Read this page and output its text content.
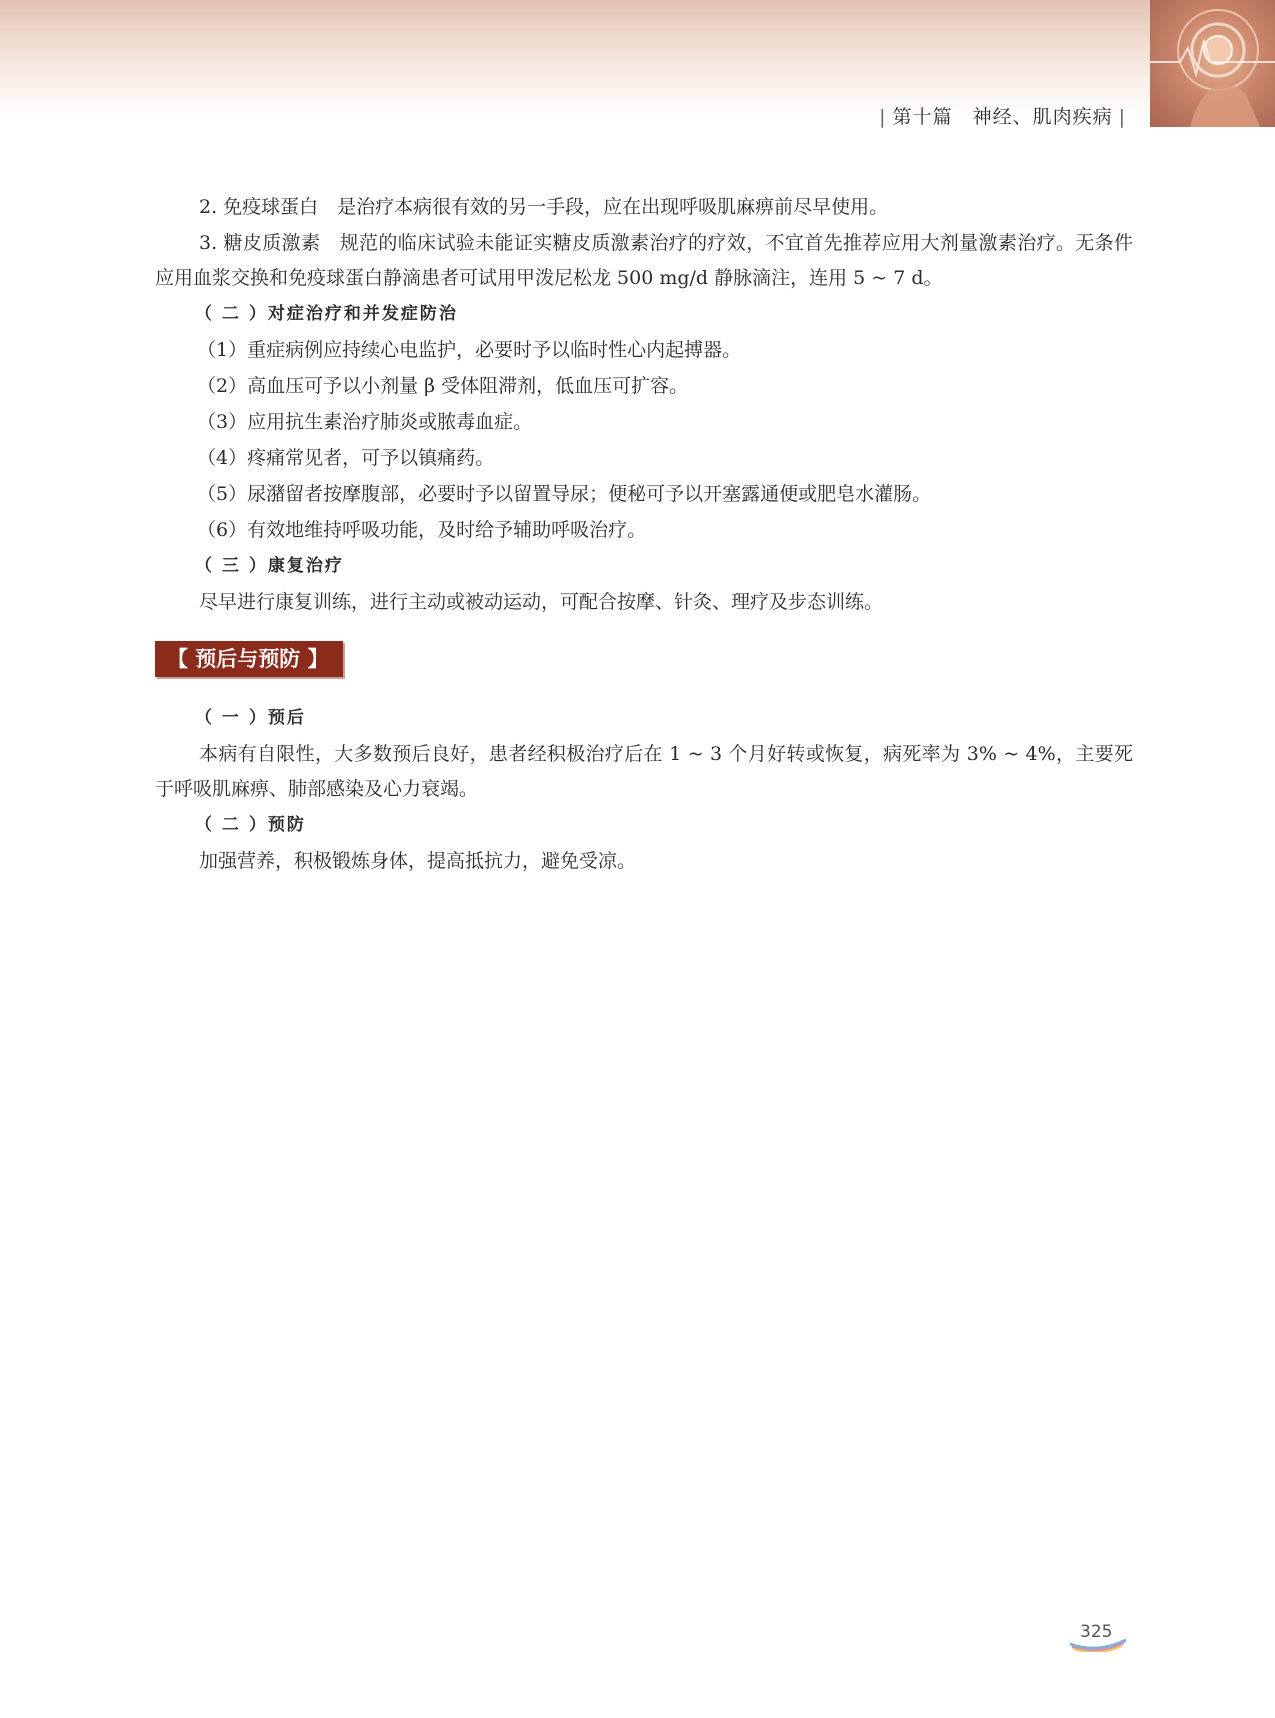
| 第十篇　神经、肌肉疾病 |

2. 免疫球蛋白　是治疗本病很有效的另一手段，应在出现呼吸肌麻痹前尽早使用。

3. 糖皮质激素　规范的临床试验未能证实糖皮质激素治疗的疗效，不宜首先推荐应用大剂量激素治疗。无条件应用血浆交换和免疫球蛋白静滴患者可试用甲泼尼松龙 500 mg/d 静脉滴注，连用 5 ~ 7 d。

（ 二 ）对症治疗和并发症防治

（1）重症病例应持续心电监护，必要时予以临时性心内起搏器。

（2）高血压可予以小剂量 β 受体阻滞剂，低血压可扩容。

（3）应用抗生素治疗肺炎或脓毒血症。

（4）疼痛常见者，可予以镇痛药。

（5）尿潴留者按摩腹部，必要时予以留置导尿；便秘可予以开塞露通便或肥皂水灌肠。

（6）有效地维持呼吸功能，及时给予辅助呼吸治疗。

（ 三 ）康复治疗

尽早进行康复训练，进行主动或被动运动，可配合按摩、针灸、理疗及步态训练。

【 预后与预防 】

（ 一 ）预后

本病有自限性，大多数预后良好，患者经积极治疗后在 1 ~ 3 个月好转或恢复，病死率为 3% ~ 4%，主要死于呼吸肌麻痹、肺部感染及心力衰竭。

（ 二 ）预防

加强营养，积极锻炼身体，提高抵抗力，避免受凉。

325
